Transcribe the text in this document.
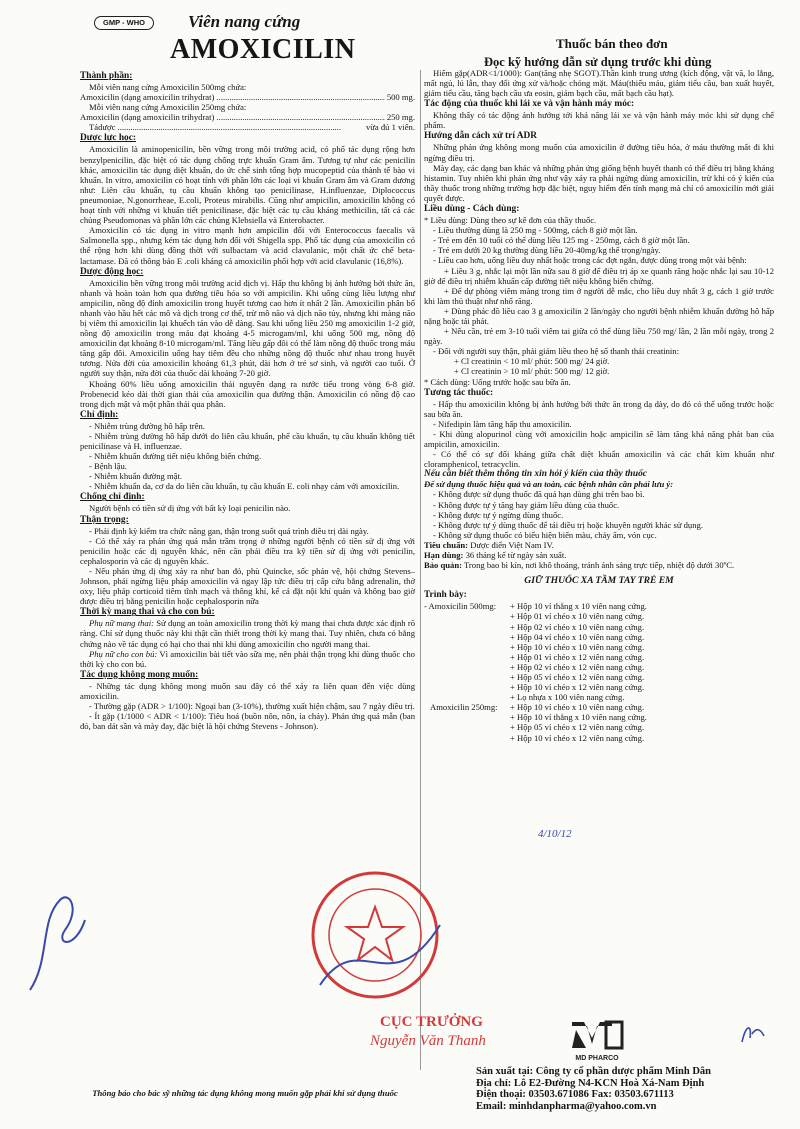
GMP - WHO	Viên nang cứng
AMOXICILIN	Thuốc bán theo đơn
Đọc kỹ hướng dẫn sử dụng trước khi dùng
Thành phần:
Mỗi viên nang cứng Amoxicilin 500mg chứa:
Amoxicilin (dạng amoxicilin trihydrat) .....	500 mg.
Mỗi viên nang cứng Amoxicilin 250mg chứa:
Amoxicilin (dạng amoxicilin trihydrat) .....	250 mg.
Tádược .....	vừa đủ 1 viên.
Dược lực học:
Amoxicilin là aminopenicilin, bền vững trong môi trường acid, có phổ tác dụng rộng hơn benzylpenicilin, đặc biệt có tác dụng chống trực khuẩn Gram âm. Tương tự như các penicilin khác, amoxicilin tác dụng diệt khuẩn, do ức chế sinh tổng hợp mucopeptid của thành tế bào vi khuẩn. In vitro, amoxicilin có hoạt tính với phần lớn các loại vi khuẩn Gram âm và Gram dương như: Liên cầu khuẩn, tụ cầu khuẩn không tạo penicilinase, H.influenzae, Diplococcus pneumoniae, N.gonorrheae, E.coli, Proteus mirabilis. Cũng như ampicilin, amoxicilin không có hoạt tính với những vi khuẩn tiết penicilinase, đặc biệt các tụ cầu kháng methicilin, tất cả các chủng Pseudomonas và phần lớn các chủng Klebsiella và Enterobacter.
Amoxicilin có tác dụng in vitro mạnh hơn ampicilin đối với Enterococcus faecalis và Salmonella spp., nhưng kém tác dụng hơn đối với Shigella spp. Phổ tác dụng của amoxicilin có thể rộng hơn khi dùng đồng thời với sulbactam và acid clavulanic, một chất ức chế beta-lactamase. Đã có thông báo E .coli kháng cả amoxicilin phối hợp với acid clavulanic (16,8%).
Dược động học:
Amoxicilin bền vững trong môi trường acid dịch vị. Hấp thu không bị ảnh hưởng bởi thức ăn, nhanh và hoàn toàn hơn qua đường tiêu hóa so với ampicilin. Khi uống cùng liều lượng như ampicilin, nồng độ đỉnh amoxicilin trong huyết tương cao hơn ít nhất 2 lần. Amoxicilin phân bố nhanh vào hầu hết các mô và dịch trong cơ thể, trừ mô não và dịch não tủy, nhưng khi màng não bị viêm thì amoxicilin lại khuếch tán vào dễ dàng. Sau khi uống liều 250 mg amoxicilin 1-2 giờ, nồng độ amoxicilin trong máu đạt khoảng 4-5 microgam/ml, khi uống 500 mg, nồng độ amoxicilin đạt khoảng 8-10 microgam/ml. Tăng liều gấp đôi có thể làm nồng độ thuốc trong máu tăng gấp đôi. Amoxicilin uống hay tiêm đều cho những nồng độ thuốc như nhau trong huyết tương. Nửa đời của amoxicilin khoảng 61,3 phút, dài hơn ở trẻ sơ sinh, và người cao tuổi. Ở người suy thận, nửa đời của thuốc dài khoảng 7-20 giờ.
Khoảng 60% liều uống amoxicilin thải nguyên dạng ra nước tiểu trong vòng 6-8 giờ. Probenecid kéo dài thời gian thải của amoxicilin qua đường thận. Amoxicilin có nồng độ cao trong dịch mật và một phần thải qua phân.
Chỉ định:
- Nhiễm trùng đường hô hấp trên.
- Nhiễm trùng đường hô hấp dưới do liên cầu khuẩn, phế cầu khuẩn, tụ cầu khuẩn không tiết penicilinase và H. influenzae.
- Nhiễm khuẩn đường tiết niệu không biến chứng.
- Bệnh lậu.
- Nhiễm khuẩn đường mật.
- Nhiễm khuẩn da, cơ da do liên cầu khuẩn, tụ cầu khuẩn E. coli nhạy cảm với amoxicilin.
Chống chỉ định:
Người bệnh có tiền sử dị ứng với bất kỳ loại penicilin nào.
Thận trọng:
- Phải định kỳ kiểm tra chức năng gan, thận trong suốt quá trình điều trị dài ngày.
- Có thể xảy ra phản ứng quá mẫn trầm trọng ở những người bệnh có tiền sử dị ứng với penicilin hoặc các dị nguyên khác, nên cần phải điều tra kỹ tiền sử dị ứng với penicilin, cephalosporin và các dị nguyên khác.
- Nếu phản ứng dị ứng xảy ra như ban đỏ, phù Quincke, sốc phản vệ, hội chứng Stevens–Johnson, phải ngừng liệu pháp amoxicilin và ngay lập tức điều trị cấp cứu bằng adrenalin, thở oxy, liệu pháp corticoid tiêm tĩnh mạch và thông khí, kể cả đặt nội khí quản và không bao giờ được điều trị bằng penicilin hoặc cephalosporin nữa
Thời kỳ mang thai và cho con bú:
Phụ nữ mang thai: Sử dụng an toàn amoxicilin trong thời kỳ mang thai chưa được xác định rõ ràng. Chỉ sử dụng thuốc này khi thật cần thiết trong thời kỳ mang thai. Tuy nhiên, chưa có bằng chứng nào về tác dụng có hại cho thai nhi khi dùng amoxicilin cho người mang thai.
Phụ nữ cho con bú: Vì amoxicilin bài tiết vào sữa mẹ, nên phải thận trọng khi dùng thuốc cho thời kỳ cho con bú.
Tác dụng không mong muốn:
- Những tác dụng không mong muốn sau đây có thể xảy ra liên quan đến việc dùng amoxicilin.
- Thường gặp (ADR > 1/100): Ngoại ban (3-10%), thường xuất hiện chậm, sau 7 ngày điều trị.
- Ít gặp (1/1000 < ADR < 1/100): Tiêu hoá (buồn nôn, nôn, ỉa chảy). Phản ứng quá mẫn (ban đỏ, ban dát sần và mày đay, đặc biệt là hội chứng Stevens - Johnson).
Thông báo cho bác sỹ những tác dụng không mong muốn gặp phải khi sử dụng thuốc
Hiếm gặp(ADR<1/1000): Gan(tăng nhẹ SGOT).Thần kinh trung ương (kích động, vật vã, lo lắng, mất ngủ, lú lẫn, thay đổi ứng xử và/hoặc chóng mặt. Máu(thiếu máu, giảm tiểu cầu, ban xuất huyết, giảm tiểu cầu, tăng bạch cầu ưa eosin, giảm bạch cầu, mất bạch cầu hạt).
Tác động của thuốc khi lái xe và vận hành máy móc:
Không thấy có tác động ảnh hưởng tới khả năng lái xe và vận hành máy móc khi sử dụng chế phẩm.
Hướng dẫn cách xử trí ADR
Những phản ứng không mong muốn của amoxicilin ở đường tiêu hóa, ở máu thường mất đi khi ngừng điều trị.
Mày đay, các dạng ban khác và những phản ứng giống bệnh huyết thanh có thể điều trị bằng kháng histamin. Tuy nhiên khi phản ứng như vậy xảy ra phải ngừng dùng amoxicilin, trừ khi có ý kiến của thầy thuốc trong những trường hợp đặc biệt, nguy hiểm đến tính mạng mà chỉ có amoxicilin mới giải quyết được.
Liều dùng - Cách dùng:
* Liều dùng: Dùng theo sự kê đơn của thầy thuốc.
- Liều thường dùng là 250 mg - 500mg, cách 8 giờ một lần.
- Trẻ em đến 10 tuổi có thể dùng liều 125 mg - 250mg, cách 8 giờ một lần.
- Trẻ em dưới 20 kg thường dùng liều 20-40mg/kg thể trọng/ngày.
- Liều cao hơn, uống liều duy nhất hoặc trong các đợt ngắn, được dùng trong một vài bệnh:
+ Liều 3 g, nhắc lại một lần nữa sau 8 giờ để điều trị áp xe quanh răng hoặc nhắc lại sau 10-12 giờ để điều trị nhiễm khuẩn cấp đường tiết niệu không biến chứng.
+ Để dự phòng viêm màng trong tim ở người dễ mắc, cho liều duy nhất 3 g, cách 1 giờ trước khi làm thủ thuật như nhổ răng.
+ Dùng phác đồ liều cao 3 g amoxicilin 2 lần/ngày cho người bệnh nhiễm khuẩn đường hô hấp nặng hoặc tái phát.
+ Nếu cần, trẻ em 3-10 tuổi viêm tai giữa có thể dùng liều 750 mg/ lần, 2 lần mỗi ngày, trong 2 ngày.
- Đối với người suy thận, phải giảm liều theo hệ số thanh thải creatinin:
+ Cl creatinin < 10 ml/ phút: 500 mg/ 24 giờ.
+ Cl creatinin > 10 ml/ phút: 500 mg/ 12 giờ.
* Cách dùng: Uống trước hoặc sau bữa ăn.
Tương tác thuốc:
- Hấp thu amoxicilin không bị ảnh hưởng bởi thức ăn trong dạ dày, do đó có thể uống trước hoặc sau bữa ăn.
- Nifedipin làm tăng hấp thu amoxicilin.
- Khi dùng alopurinol cùng với amoxicilin hoặc ampicilin sẽ làm tăng khả năng phát ban của ampicilin, amoxicilin.
- Có thể có sự đối kháng giữa chất diệt khuẩn amoxicilin và các chất kìm khuẩn như cloramphenicol, tetracyclin.
Nếu cần biết thêm thông tin xin hỏi ý kiến của thầy thuốc
Để sử dụng thuốc hiệu quả và an toàn, các bệnh nhân cần phải lưu ý:
- Không được sử dụng thuốc đã quá hạn dùng ghi trên bao bì.
- Không được tự ý tăng hay giảm liều dùng của thuốc.
- Không được tự ý ngừng dùng thuốc.
- Không được tự ý dùng thuốc để tái điều trị hoặc khuyên người khác sử dụng.
- Không sử dụng thuốc có biểu hiện biến màu, chảy ẩm, vón cục.
Tiêu chuẩn: Dược điển Việt Nam IV.
Hạn dùng: 36 tháng kể từ ngày sản xuất.
Bảo quản: Trong bao bì kín, nơi khô thoáng, tránh ánh sáng trực tiếp, nhiệt độ dưới 30ºC.
GIỮ THUỐC XA TẦM TAY TRẺ EM
Trình bày:
- Amoxicilin 500mg:	+ Hộp 10 vỉ thẳng x 10 viên nang cứng.
+ Hộp 01 vỉ chéo x 10 viên nang cứng.
+ Hộp 02 vỉ chéo x 10 viên nang cứng.
+ Hộp 04 vỉ chéo x 10 viên nang cứng.
+ Hộp 10 vỉ chéo x 10 viên nang cứng.
+ Hộp 01 vỉ chéo x 12 viên nang cứng.
+ Hộp 02 vỉ chéo x 12 viên nang cứng.
+ Hộp 05 vỉ chéo x 12 viên nang cứng.
+ Hộp 10 vỉ chéo x 12 viên nang cứng.
+ Lọ nhựa x 100 viên nang cứng.
Amoxicilin 250mg:	+ Hộp 10 vỉ chéo x 10 viên nang cứng.
+ Hộp 10 vỉ thẳng x 10 viên nang cứng.
+ Hộp 05 vỉ chéo x 12 viên nang cứng.
+ Hộp 10 vỉ chéo x 12 viên nang cứng.
CỤC TRƯỞNG
Nguyễn Văn Thanh
4/10/12
MD PHARCO
Sản xuất tại: Công ty cổ phần dược phẩm Minh Dân
Địa chỉ: Lô E2-Đường N4-KCN Hoà Xá-Nam Định
Điện thoại: 03503.671086 Fax: 03503.671113
Email: minhdanpharma@yahoo.com.vn
